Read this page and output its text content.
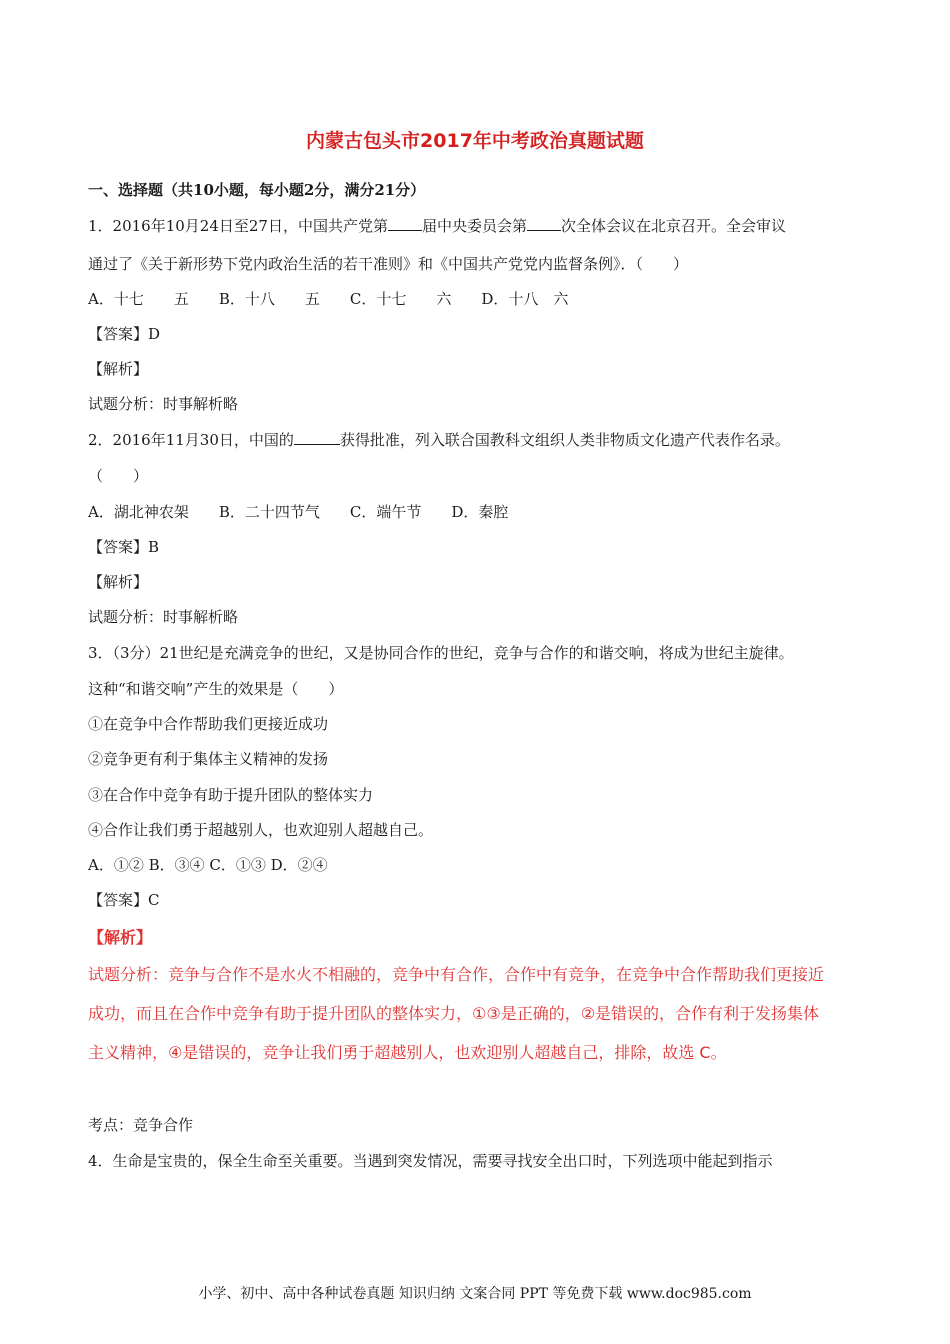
内蒙古包头市2017年中考政治真题试题
一、选择题（共10小题，每小题2分，满分21分）
1．2016年10月24日至27日，中国共产党第 届中央委员会第 次全体会议在北京召开。全会审议
通过了《关于新形势下党内政治生活的若干准则》和《中国共产党党内监督条例》．（　　）
A．十七　　五　　B．十八　　五　　C．十七　　六　　D．十八　六
【答案】D
【解析】
试题分析：时事解析略
2．2016年11月30日，中国的	获得批准，列入联合国教科文组织人类非物质文化遗产代表作名录。
（　　）
A．湖北神农架　　B．二十四节气　　C．端午节　　D．秦腔
【答案】B
【解析】
试题分析：时事解析略
3．（3分）21世纪是充满竞争的世纪，又是协同合作的世纪，竞争与合作的和谐交响，将成为世纪主旋律。
这种“和谐交响”产生的效果是（　　）
①在竞争中合作帮助我们更接近成功
②竞争更有利于集体主义精神的发扬
③在合作中竞争有助于提升团队的整体实力
④合作让我们勇于超越别人，也欢迎别人超越自己。
A．①② B．③④ C．①③ D．②④
【答案】C
【解析】
试题分析：竞争与合作不是水火不相融的，竞争中有合作，合作中有竞争，在竞争中合作帮助我们更接近
成功，而且在合作中竞争有助于提升团队的整体实力，①③是正确的，②是错误的，合作有利于发扬集体
主义精神，④是错误的，竞争让我们勇于超越别人，也欢迎别人超越自己，排除，故选 C。
考点：竞争合作
4．生命是宝贵的，保全生命至关重要。当遇到突发情况，需要寻找安全出口时，下列选项中能起到指示
小学、初中、高中各种试卷真题 知识归纳 文案合同 PPT 等免费下载 www.doc985.com
